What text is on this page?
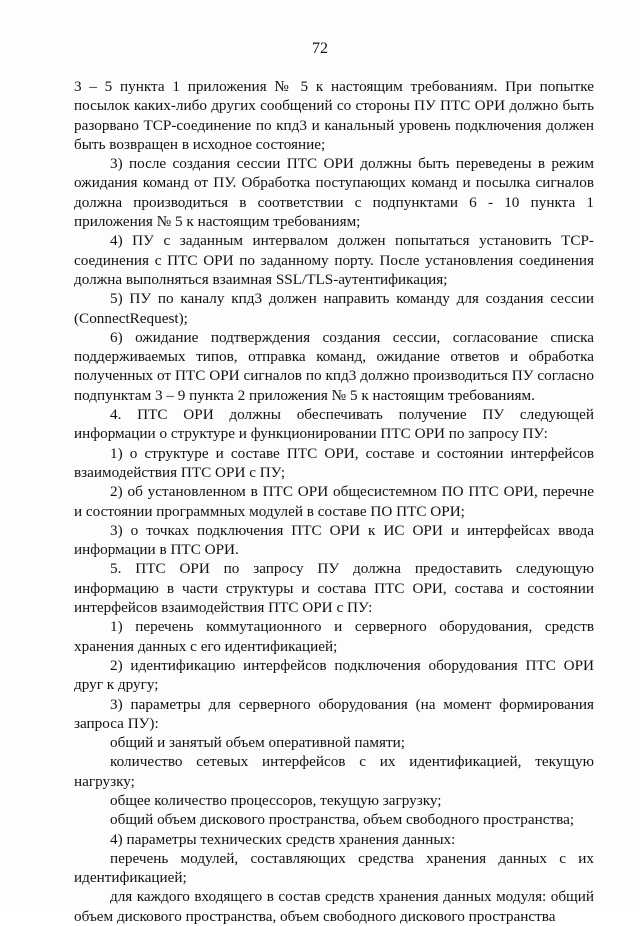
72

3 – 5 пункта 1 приложения № 5 к настоящим требованиям. При попытке посылок каких-либо других сообщений со стороны ПУ ПТС ОРИ должно быть разорвано TCP-соединение по кпд3 и канальный уровень подключения должен быть возвращен в исходное состояние;

3) после создания сессии ПТС ОРИ должны быть переведены в режим ожидания команд от ПУ. Обработка поступающих команд и посылка сигналов должна производиться в соответствии с подпунктами 6 - 10 пункта 1 приложения № 5 к настоящим требованиям;

4) ПУ с заданным интервалом должен попытаться установить TCP-соединения с ПТС ОРИ по заданному порту. После установления соединения должна выполняться взаимная SSL/TLS-аутентификация;

5) ПУ по каналу кпд3 должен направить команду для создания сессии (ConnectRequest);

6) ожидание подтверждения создания сессии, согласование списка поддерживаемых типов, отправка команд, ожидание ответов и обработка полученных от ПТС ОРИ сигналов по кпд3 должно производиться ПУ согласно подпунктам 3 – 9 пункта 2 приложения № 5 к настоящим требованиям.

4. ПТС ОРИ должны обеспечивать получение ПУ следующей информации о структуре и функционировании ПТС ОРИ по запросу ПУ:

1) о структуре и составе ПТС ОРИ, составе и состоянии интерфейсов взаимодействия ПТС ОРИ с ПУ;

2) об установленном в ПТС ОРИ общесистемном ПО ПТС ОРИ, перечне и состоянии программных модулей в составе ПО ПТС ОРИ;

3) о точках подключения ПТС ОРИ к ИС ОРИ и интерфейсах ввода информации в ПТС ОРИ.

5. ПТС ОРИ по запросу ПУ должна предоставить следующую информацию в части структуры и состава ПТС ОРИ, состава и состоянии интерфейсов взаимодействия ПТС ОРИ с ПУ:

1) перечень коммутационного и серверного оборудования, средств хранения данных с его идентификацией;

2) идентификацию интерфейсов подключения оборудования ПТС ОРИ друг к другу;

3) параметры для серверного оборудования (на момент формирования запроса ПУ):

общий и занятый объем оперативной памяти;

количество сетевых интерфейсов с их идентификацией, текущую нагрузку;

общее количество процессоров, текущую загрузку;

общий объем дискового пространства, объем свободного пространства;

4) параметры технических средств хранения данных:

перечень модулей, составляющих средства хранения данных с их идентификацией;

для каждого входящего в состав средств хранения данных модуля: общий объем дискового пространства, объем свободного дискового пространства
